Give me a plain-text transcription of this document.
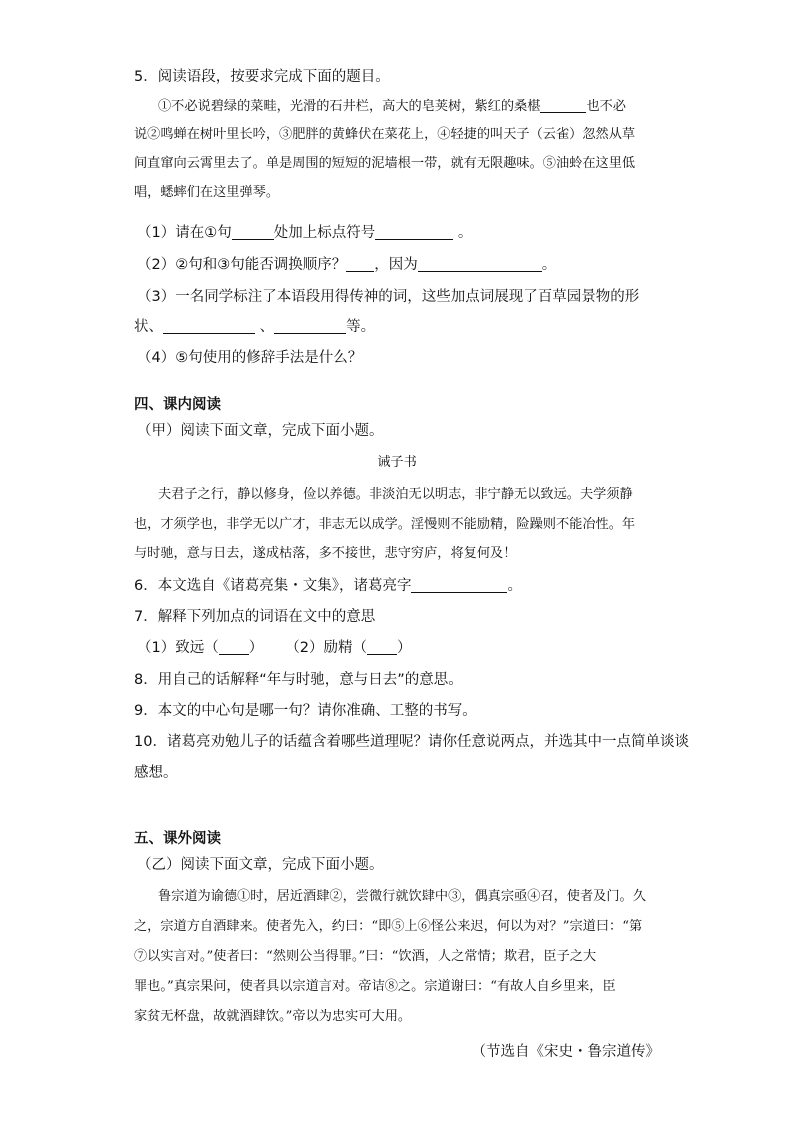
5．阅读语段，按要求完成下面的题目。
①不必说碧绿的菜畦，光滑的石井栏，高大的皂荚树，紫红的桑椹	也不必
说②鸣蝉在树叶里长吟，③肥胖的黄蜂伏在菜花上，④轻捷的叫天子（云雀）忽然从草
间直窜向云霄里去了。单是周围的短短的泥墙根一带，就有无限趣味。⑤油蛉在这里低
唱，蟋蟀们在这里弹琴。
（1）请在①句	处加上标点符号	。
（2）②句和③句能否调换顺序？ ，因为	。
（3）一名同学标注了本语段用得传神的词，这些加点词展现了百草园景物的形
状、	、	等。
（4）⑤句使用的修辞手法是什么？
四、课内阅读
（甲）阅读下面文章，完成下面小题。
诫子书
夫君子之行，静以修身，俭以养德。非淡泊无以明志，非宁静无以致远。夫学须静
也，才须学也，非学无以广才，非志无以成学。淫慢则不能励精，险躁则不能冶性。年
与时驰，意与日去，遂成枯落，多不接世，悲守穷庐，将复何及！
6．本文选自《诸葛亮集・文集》，诸葛亮字	。
7．解释下列加点的词语在文中的意思
（1）致远（ ） （2）励精（ ）
8．用自己的话解释“年与时驰，意与日去”的意思。
9．本文的中心句是哪一句？请你准确、工整的书写。
10．诸葛亮劝勉儿子的话蕴含着哪些道理呢？请你任意说两点，并选其中一点简单谈谈
感想。
五、课外阅读
（乙）阅读下面文章，完成下面小题。
鲁宗道为谕德①时，居近酒肆②，尝微行就饮肆中③，偶真宗亟④召，使者及门。久
之，宗道方自酒肆来。使者先入，约曰：“即⑤上⑥怪公来迟，何以为对？”宗道曰：“第
⑦以实言对。”使者曰：“然则公当得罪。”曰：“饮酒，人之常情；欺君，臣子之大
罪也。”真宗果问，使者具以宗道言对。帝诘⑧之。宗道谢曰：“有故人自乡里来，臣
家贫无杯盘，故就酒肆饮。”帝以为忠实可大用。
（节选自《宋史・鲁宗道传》
